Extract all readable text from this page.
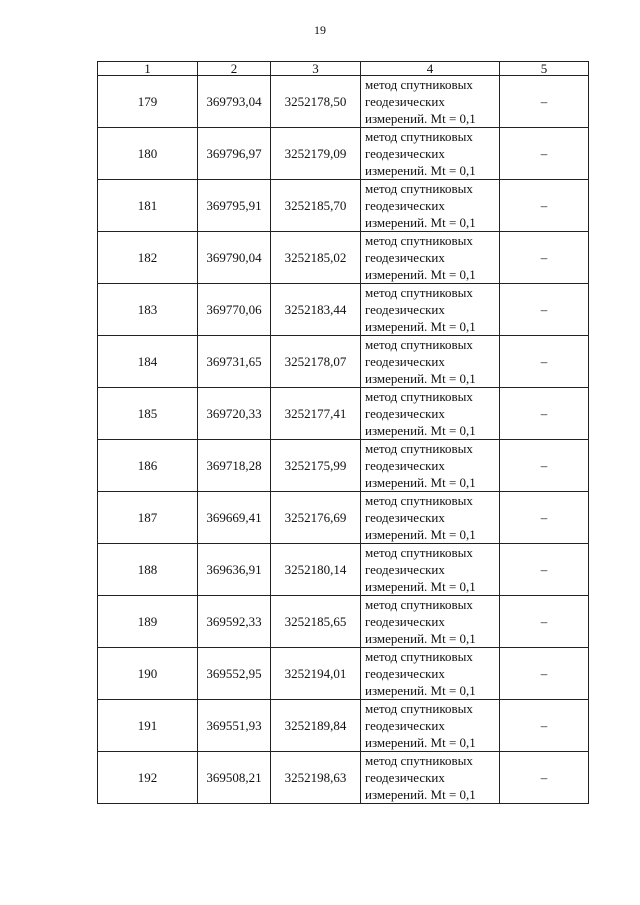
19
1	2	3	4	5
179	369793,04	3252178,50	метод спутниковых
геодезических
измерений. Mt = 0,1	–
180	369796,97	3252179,09	метод спутниковых
геодезических
измерений. Mt = 0,1	–
181	369795,91	3252185,70	метод спутниковых
геодезических
измерений. Mt = 0,1	–
182	369790,04	3252185,02	метод спутниковых
геодезических
измерений. Mt = 0,1	–
183	369770,06	3252183,44	метод спутниковых
геодезических
измерений. Mt = 0,1	–
184	369731,65	3252178,07	метод спутниковых
геодезических
измерений. Mt = 0,1	–
185	369720,33	3252177,41	метод спутниковых
геодезических
измерений. Mt = 0,1	–
186	369718,28	3252175,99	метод спутниковых
геодезических
измерений. Mt = 0,1	–
187	369669,41	3252176,69	метод спутниковых
геодезических
измерений. Mt = 0,1	–
188	369636,91	3252180,14	метод спутниковых
геодезических
измерений. Mt = 0,1	–
189	369592,33	3252185,65	метод спутниковых
геодезических
измерений. Mt = 0,1	–
190	369552,95	3252194,01	метод спутниковых
геодезических
измерений. Mt = 0,1	–
191	369551,93	3252189,84	метод спутниковых
геодезических
измерений. Mt = 0,1	–
192	369508,21	3252198,63	метод спутниковых
геодезических
измерений. Mt = 0,1	–
